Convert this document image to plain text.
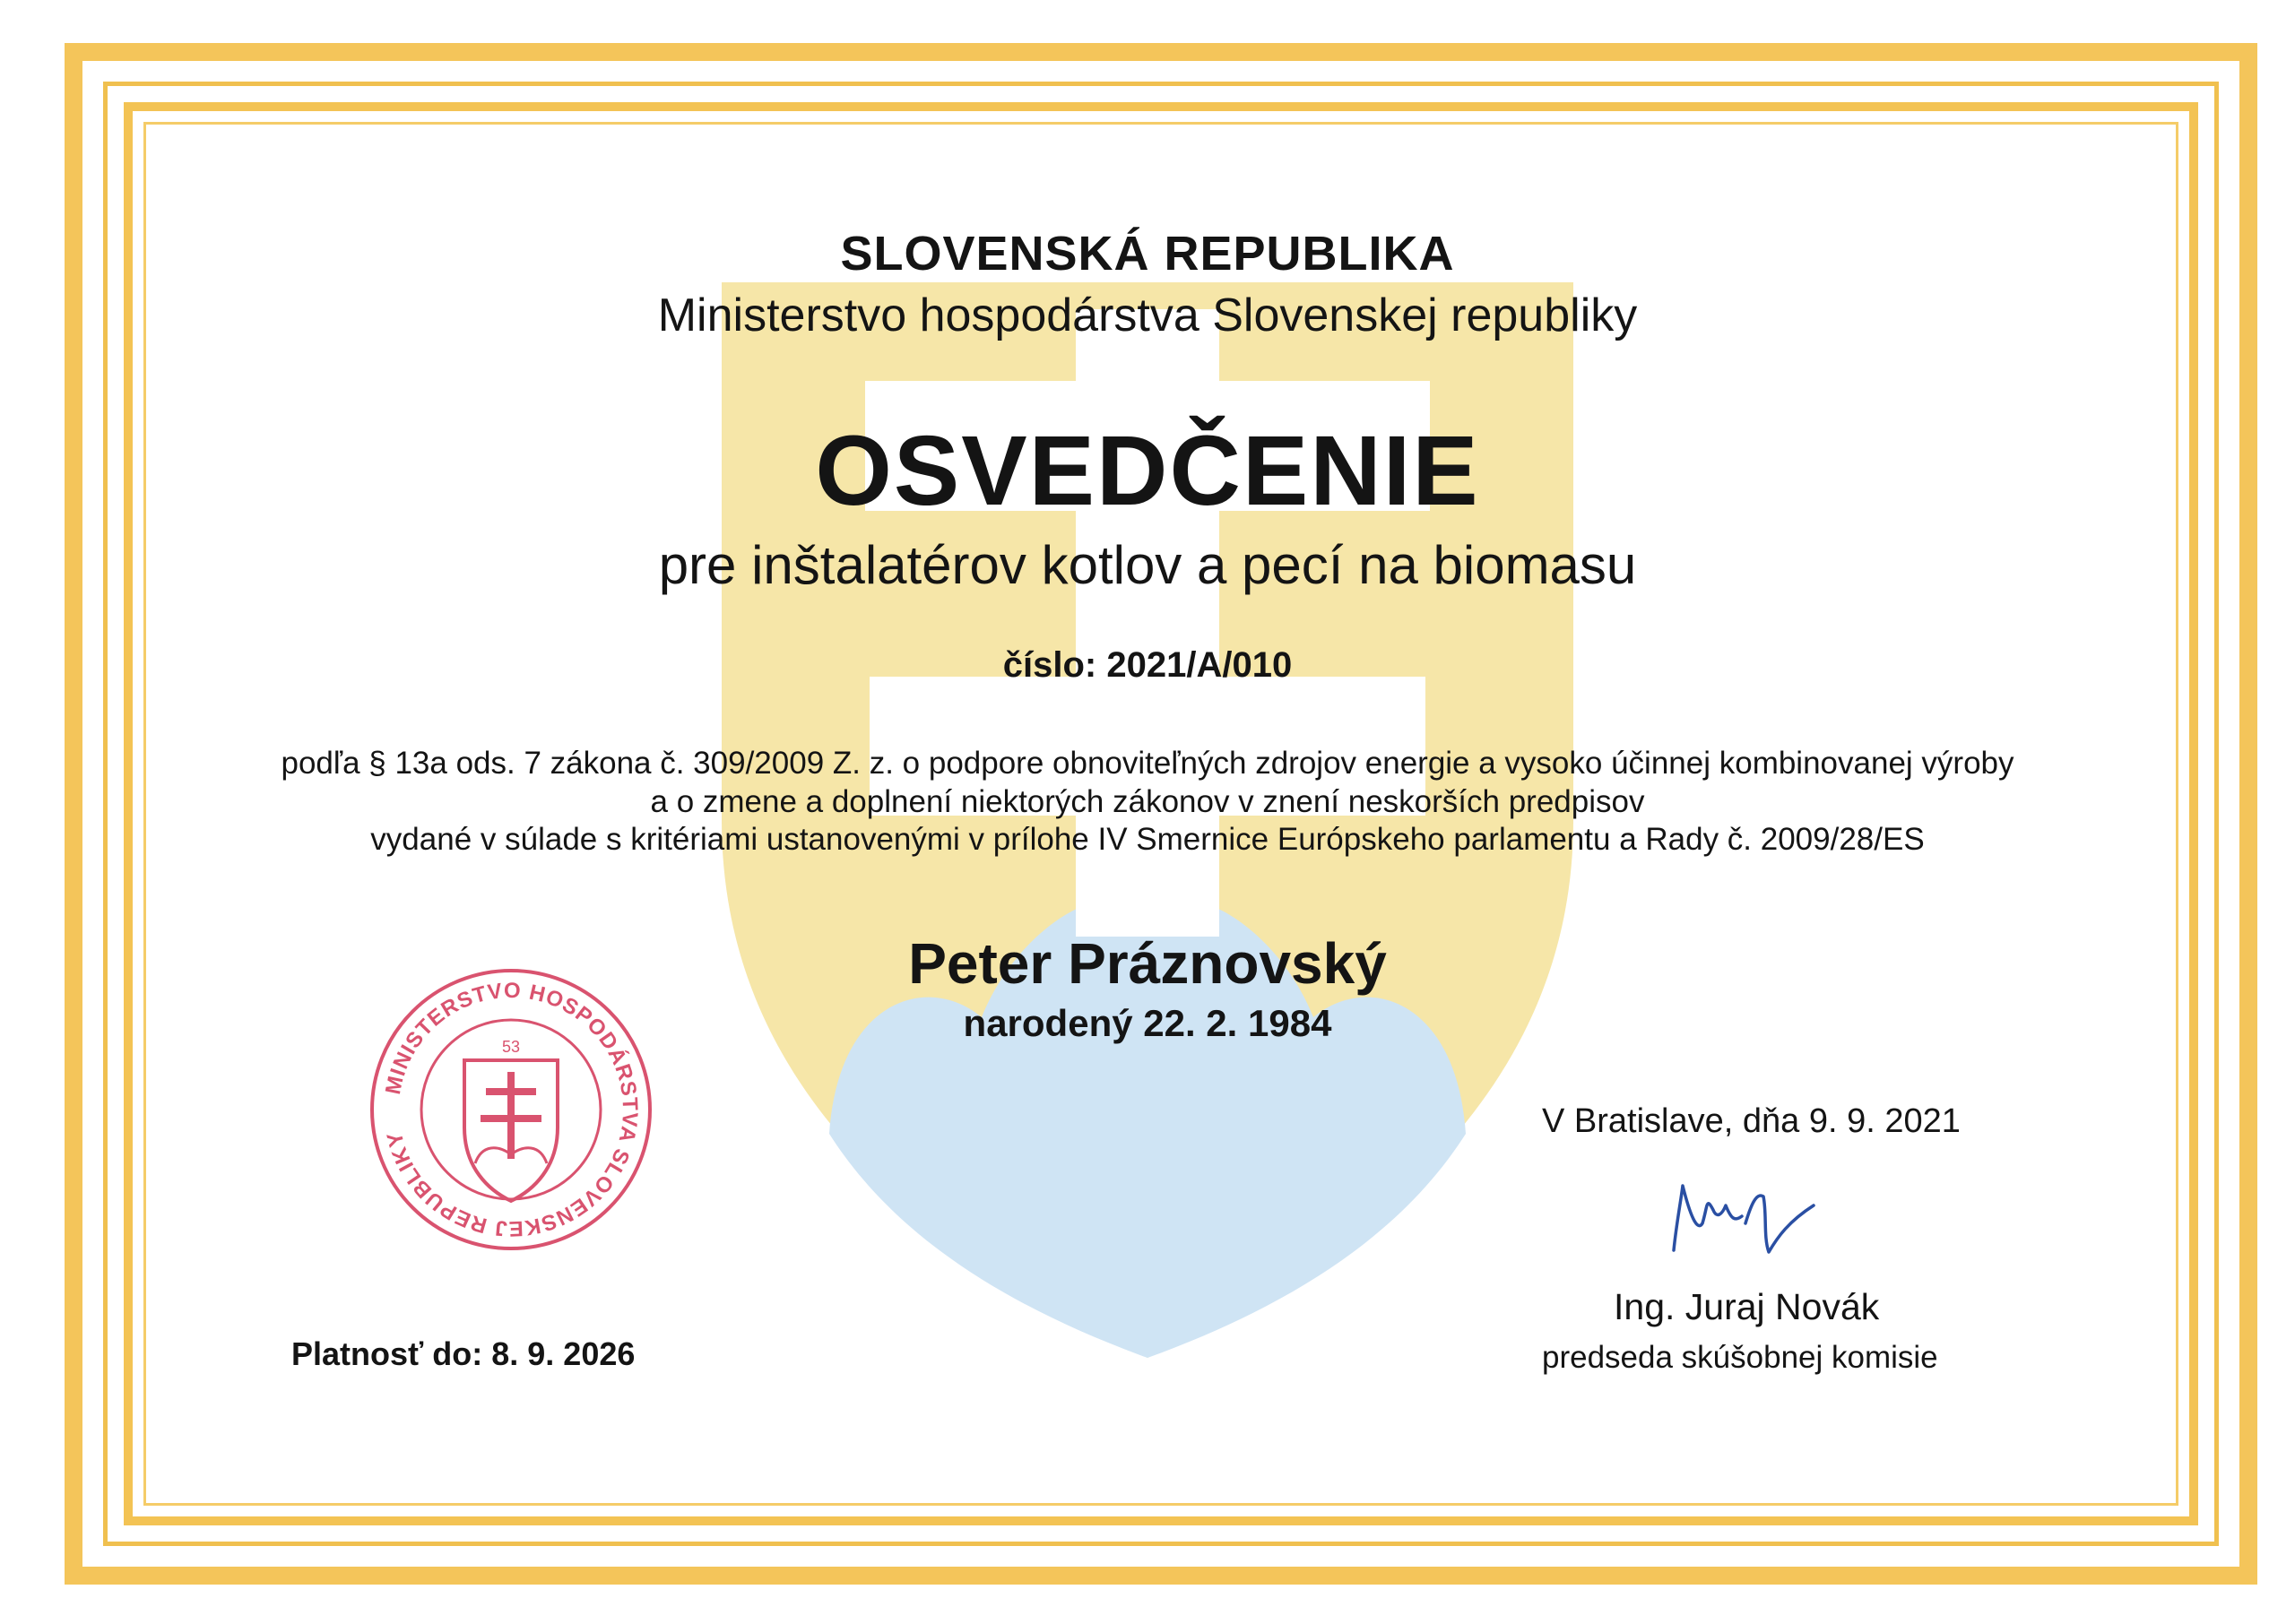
SLOVENSKÁ REPUBLIKA
Ministerstvo hospodárstva Slovenskej republiky
OSVEDČENIE
pre inštalatérov kotlov a pecí na biomasu
číslo: 2021/A/010
podľa § 13a ods. 7 zákona č. 309/2009 Z. z. o podpore obnoviteľných zdrojov energie a vysoko účinnej kombinovanej výroby
a o zmene a doplnení niektorých zákonov v znení neskorších predpisov
vydané v súlade s kritériami ustanovenými v prílohe IV Smernice Európskeho parlamentu a Rady č. 2009/28/ES
Peter Práznovský
narodený 22. 2. 1984
MINISTERSTVO HOSPODÁRSTVA SLOVENSKEJ REPUBLIKY
53
Platnosť do: 8. 9. 2026
V Bratislave, dňa 9. 9. 2021
Ing. Juraj Novák
predseda skúšobnej komisie
